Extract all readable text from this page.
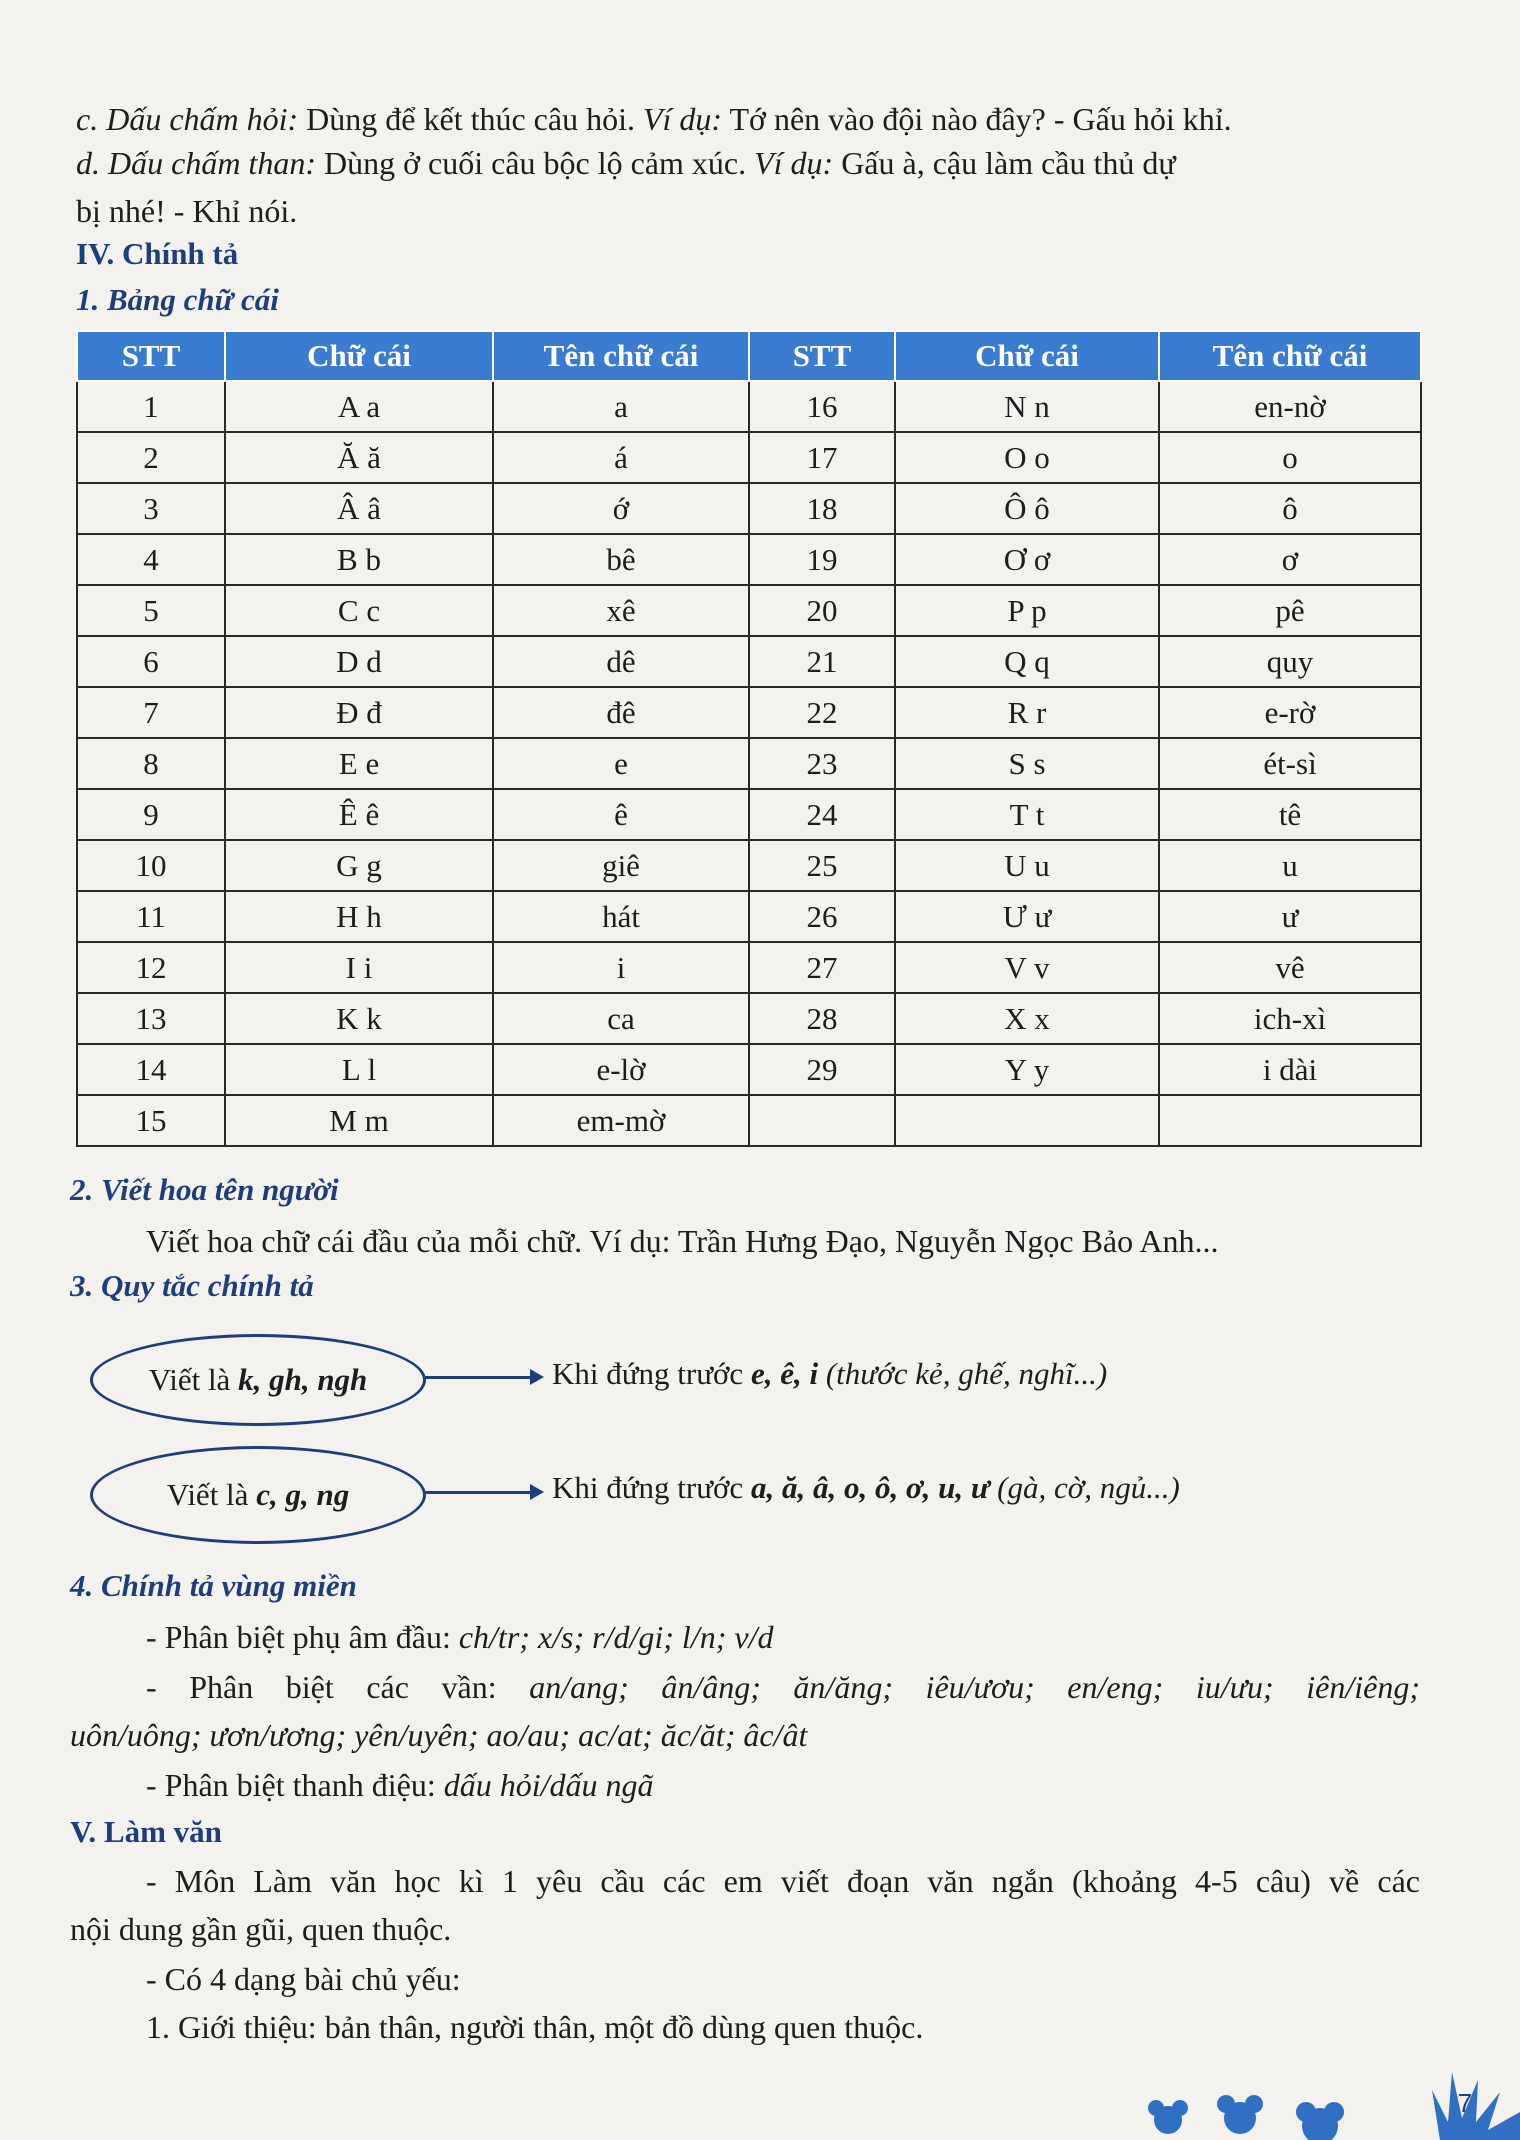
c. Dấu chấm hỏi: Dùng để kết thúc câu hỏi. Ví dụ: Tớ nên vào đội nào đây? - Gấu hỏi khỉ.

d. Dấu chấm than: Dùng ở cuối câu bộc lộ cảm xúc. Ví dụ: Gấu à, cậu làm cầu thủ dự

bị nhé! - Khỉ nói.

IV. Chính tả
1. Bảng chữ cái
STT	Chữ cái	Tên chữ cái	STT	Chữ cái	Tên chữ cái
1	A a	a	16	N n	en-nờ
2	Ă ă	á	17	O o	o
3	Â â	ớ	18	Ô ô	ô
4	B b	bê	19	Ơ ơ	ơ
5	C c	xê	20	P p	pê
6	D d	dê	21	Q q	quy
7	Đ đ	đê	22	R r	e-rờ
8	E e	e	23	S s	ét-sì
9	Ê ê	ê	24	T t	tê
10	G g	giê	25	U u	u
11	H h	hát	26	Ư ư	ư
12	I i	i	27	V v	vê
13	K k	ca	28	X x	ich-xì
14	L l	e-lờ	29	Y y	i dài
15	M m	em-mờ			
2. Viết hoa tên người

Viết hoa chữ cái đầu của mỗi chữ. Ví dụ: Trần Hưng Đạo, Nguyễn Ngọc Bảo Anh...

3. Quy tắc chính tả
Viết là
k, gh, ngh	Khi đứng trước e, ê, i (thước kẻ, ghế, nghĩ...)
Viết là
c, g, ng	Khi đứng trước a, ă, â, o, ô, ơ, u, ư (gà, cờ, ngủ...)
4. Chính tả vùng miền

- Phân biệt phụ âm đầu: ch/tr; x/s; r/d/gi; l/n; v/d

- Phân biệt các vần: an/ang; ân/âng; ăn/ăng; iêu/ươu; en/eng; iu/ưu; iên/iêng;

uôn/uông; ươn/ương; yên/uyên; ao/au; ac/at; ăc/ăt; âc/ât

- Phân biệt thanh điệu: dấu hỏi/dấu ngã

V. Làm văn

- Môn Làm văn học kì 1 yêu cầu các em viết đoạn văn ngắn (khoảng 4-5 câu) về các

nội dung gần gũi, quen thuộc.

- Có 4 dạng bài chủ yếu:

1. Giới thiệu: bản thân, người thân, một đồ dùng quen thuộc.

7
